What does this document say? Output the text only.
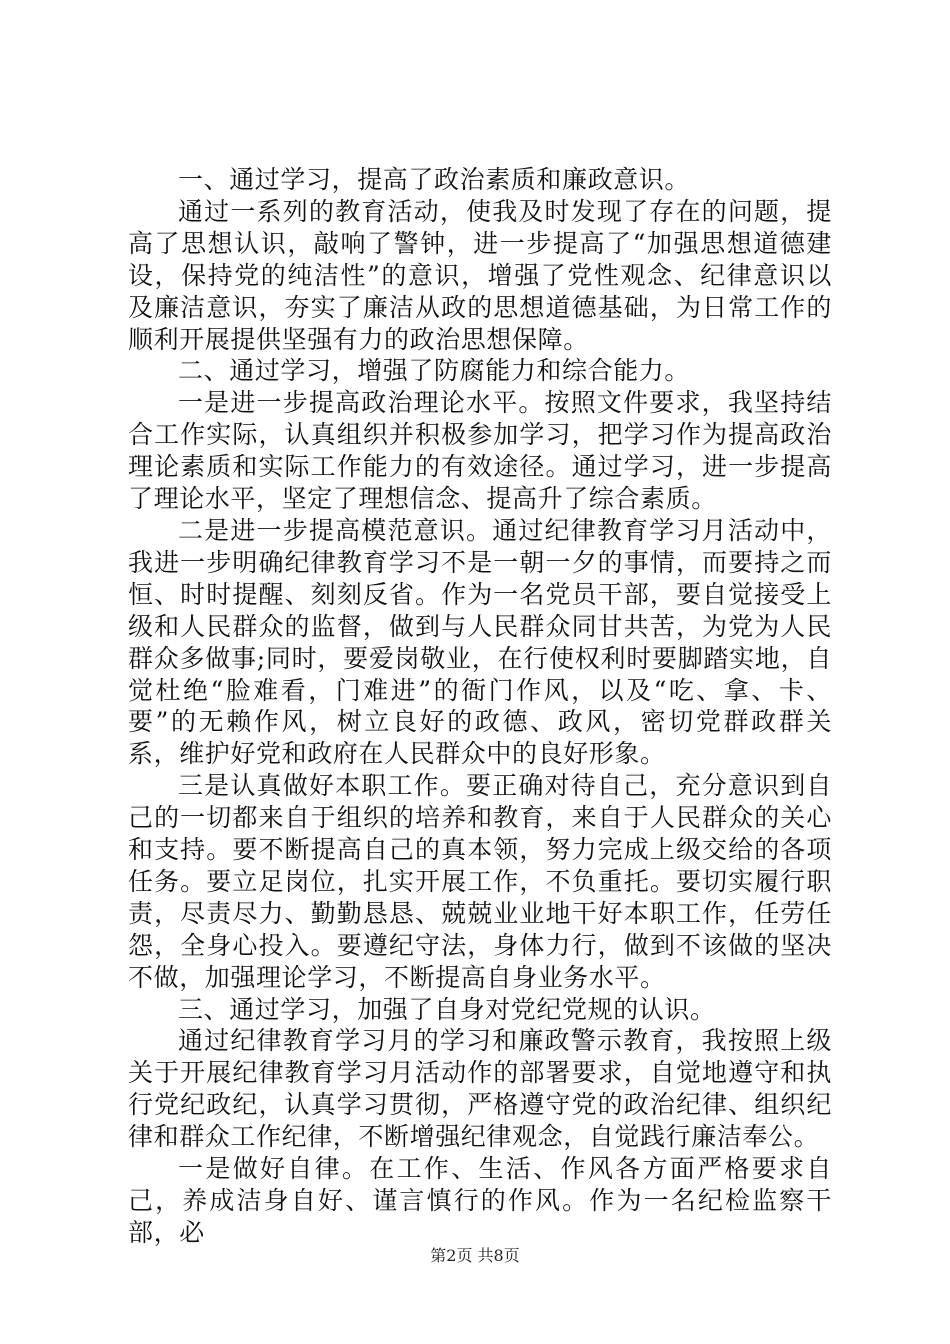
一、通过学习，提高了政治素质和廉政意识。

通过一系列的教育活动，使我及时发现了存在的问题，提高了思想认识，敲响了警钟，进一步提高了“加强思想道德建设，保持党的纯洁性”的意识，增强了党性观念、纪律意识以及廉洁意识，夯实了廉洁从政的思想道德基础，为日常工作的顺利开展提供坚强有力的政治思想保障。

二、通过学习，增强了防腐能力和综合能力。

一是进一步提高政治理论水平。按照文件要求，我坚持结合工作实际，认真组织并积极参加学习，把学习作为提高政治理论素质和实际工作能力的有效途径。通过学习，进一步提高了理论水平，坚定了理想信念、提高升了综合素质。

二是进一步提高模范意识。通过纪律教育学习月活动中，我进一步明确纪律教育学习不是一朝一夕的事情，而要持之而恒、时时提醒、刻刻反省。作为一名党员干部，要自觉接受上级和人民群众的监督，做到与人民群众同甘共苦，为党为人民群众多做事;同时，要爱岗敬业，在行使权利时要脚踏实地，自觉杜绝“脸难看，门难进”的衙门作风，以及“吃、拿、卡、要”的无赖作风，树立良好的政德、政风，密切党群政群关系，维护好党和政府在人民群众中的良好形象。

三是认真做好本职工作。要正确对待自己，充分意识到自己的一切都来自于组织的培养和教育，来自于人民群众的关心和支持。要不断提高自己的真本领，努力完成上级交给的各项任务。要立足岗位，扎实开展工作，不负重托。要切实履行职责，尽责尽力、勤勤恳恳、兢兢业业地干好本职工作，任劳任怨，全身心投入。要遵纪守法，身体力行，做到不该做的坚决不做，加强理论学习，不断提高自身业务水平。

三、通过学习，加强了自身对党纪党规的认识。

通过纪律教育学习月的学习和廉政警示教育，我按照上级关于开展纪律教育学习月活动作的部署要求，自觉地遵守和执行党纪政纪，认真学习贯彻，严格遵守党的政治纪律、组织纪律和群众工作纪律，不断增强纪律观念，自觉践行廉洁奉公。

一是做好自律。在工作、生活、作风各方面严格要求自己，养成洁身自好、谨言慎行的作风。作为一名纪检监察干部，必

第2页 共8页
